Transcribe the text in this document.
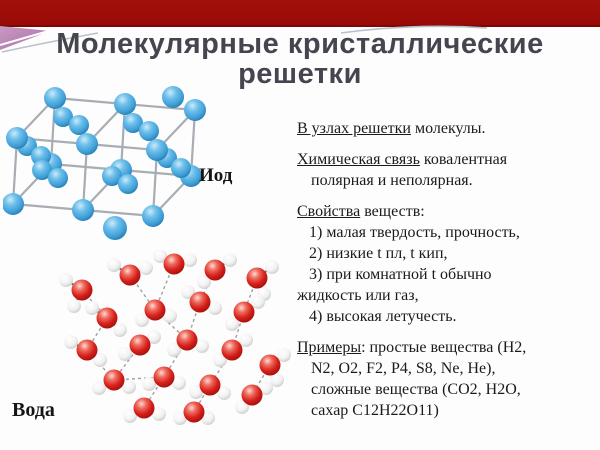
Молекулярные кристаллические
решетки
Иод
Вода
В узлах решетки молекулы.
Химическая связь ковалентная
полярная и неполярная.
Свойства веществ:
1) малая твердость, прочность,
2) низкие t пл, t кип,
3) при комнатной t обычно
жидкость или газ,
4) высокая летучесть.
Примеры: простые вещества (H2,
N2, O2, F2, P4, S8, Ne, He),
сложные вещества (CO2, H2O,
сахар C12H22O11)
